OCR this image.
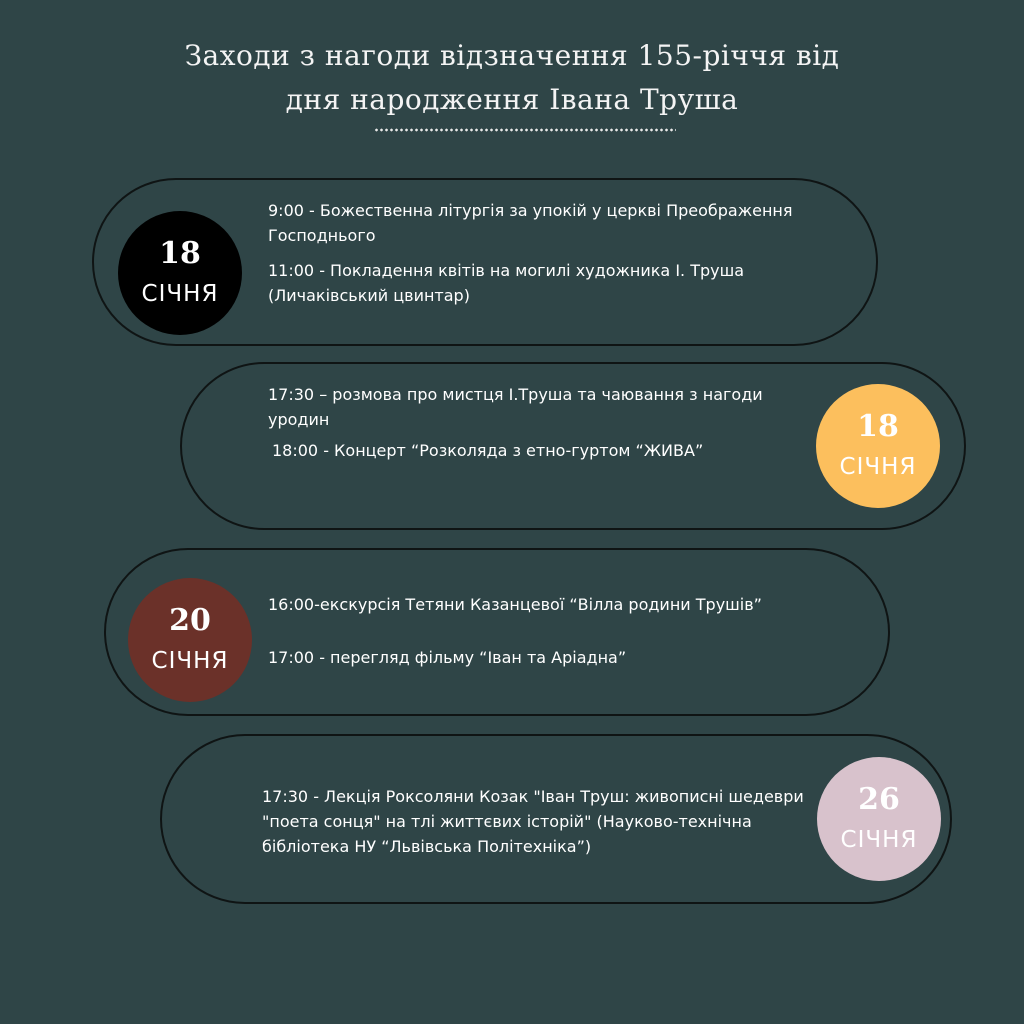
Заходи з нагоди відзначення 155-річчя від
дня народження Івана Труша
18
СІЧНЯ

9:00 - Божественна літургія за упокій у церкві Преображення Господнього

11:00 - Покладення квітів на могилі художника І. Труша (Личаківський цвинтар)

18
СІЧНЯ

17:30 – розмова про мистця І.Труша та чаювання з нагоди уродин

18:00 - Концерт “Розколяда з етно-гуртом “ЖИВА”

20
СІЧНЯ

16:00-екскурсія Тетяни Казанцевої “Вілла родини Трушів”

17:00 - перегляд фільму “Іван та Аріадна”

26
СІЧНЯ

17:30 - Лекція Роксоляни Козак "Іван Труш: живописні шедеври "поета сонця" на тлі життєвих історій" (Науково-технічна бібліотека НУ “Львівська Політехніка”)
